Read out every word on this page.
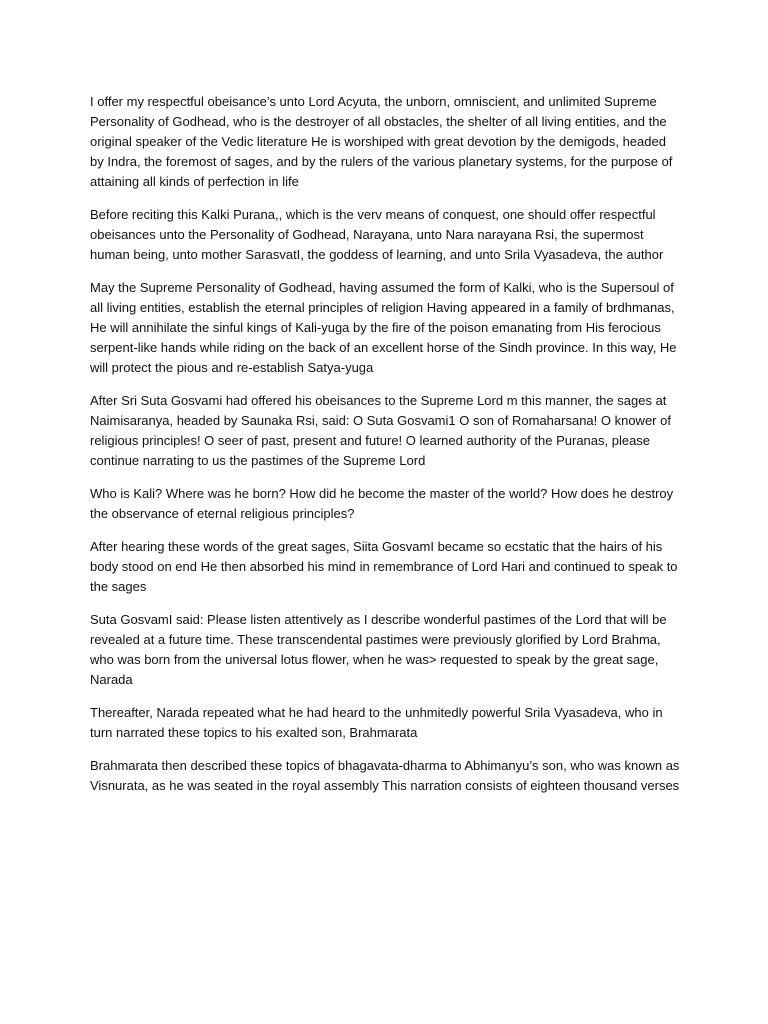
I offer my respectful obeisance’s unto Lord Acyuta, the unborn, omniscient, and unlimited Supreme Personality of Godhead, who is the destroyer of all obstacles, the shelter of all living entities, and the original speaker of the Vedic literature He is worshiped with great devotion by the demigods, headed by Indra, the foremost of sages, and by the rulers of the various planetary systems, for the purpose of attaining all kinds of perfection in life

Before reciting this Kalki Purana,, which is the verv means of conquest, one should offer respectful obeisances unto the Personality of Godhead, Narayana, unto Nara narayana Rsi, the supermost human being, unto mother SarasvatI, the goddess of learning, and unto Srila Vyasadeva, the author

May the Supreme Personality of Godhead, having assumed the form of Kalki, who is the Supersoul of all living entities, establish the eternal principles of religion Having appeared in a family of brdhmanas, He will annihilate the sinful kings of Kali-yuga by the fire of the poison emanating from His ferocious serpent-like hands while riding on the back of an excellent horse of the Sindh province. In this way, He will protect the pious and re-establish Satya-yuga

After Sri Suta Gosvami had offered his obeisances to the Supreme Lord m this manner, the sages at Naimisaranya, headed by Saunaka Rsi, said: O Suta Gosvami1 O son of Romaharsana! O knower of religious principles! O seer of past, present and future! O learned authority of the Puranas, please continue narrating to us the pastimes of the Supreme Lord

Who is Kali? Where was he born? How did he become the master of the world? How does he destroy the observance of eternal religious principles?

After hearing these words of the great sages, Siita GosvamI became so ecstatic that the hairs of his body stood on end He then absorbed his mind in remembrance of Lord Hari and continued to speak to the sages

Suta GosvamI said: Please listen attentively as I describe wonderful pastimes of the Lord that will be revealed at a future time. These transcendental pastimes were previously glorified by Lord Brahma, who was born from the universal lotus flower, when he was> requested to speak by the great sage, Narada

Thereafter, Narada repeated what he had heard to the unhmitedly powerful Srila Vyasadeva, who in turn narrated these topics to his exalted son, Brahmarata

Brahmarata then described these topics of bhagavata-dharma to Abhimanyu’s son, who was known as Visnurata, as he was seated in the royal assembly This narration consists of eighteen thousand verses
